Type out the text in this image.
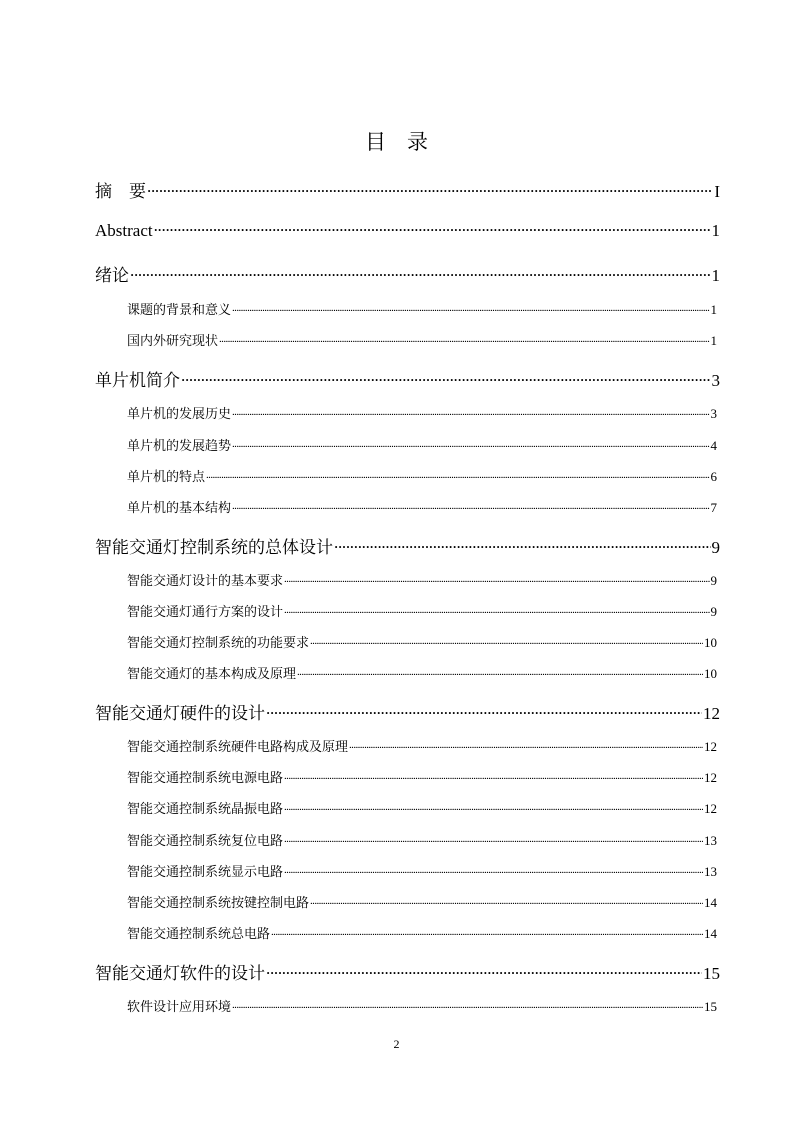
目　录
摘　要 .....	I
Abstract .....	1
绪论 .....	1
课题的背景和意义 .....	1
国内外研究现状 .....	1
单片机简介 .....	3
单片机的发展历史 .....	3
单片机的发展趋势 .....	4
单片机的特点 .....	6
单片机的基本结构 .....	7
智能交通灯控制系统的总体设计 .....	9
智能交通灯设计的基本要求 .....	9
智能交通灯通行方案的设计 .....	9
智能交通灯控制系统的功能要求 .....	10
智能交通灯的基本构成及原理 .....	10
智能交通灯硬件的设计 .....	12
智能交通控制系统硬件电路构成及原理 .....	12
智能交通控制系统电源电路 .....	12
智能交通控制系统晶振电路 .....	12
智能交通控制系统复位电路 .....	13
智能交通控制系统显示电路 .....	13
智能交通控制系统按键控制电路 .....	14
智能交通控制系统总电路 .....	14
智能交通灯软件的设计 .....	15
软件设计应用环境 .....	15
2
